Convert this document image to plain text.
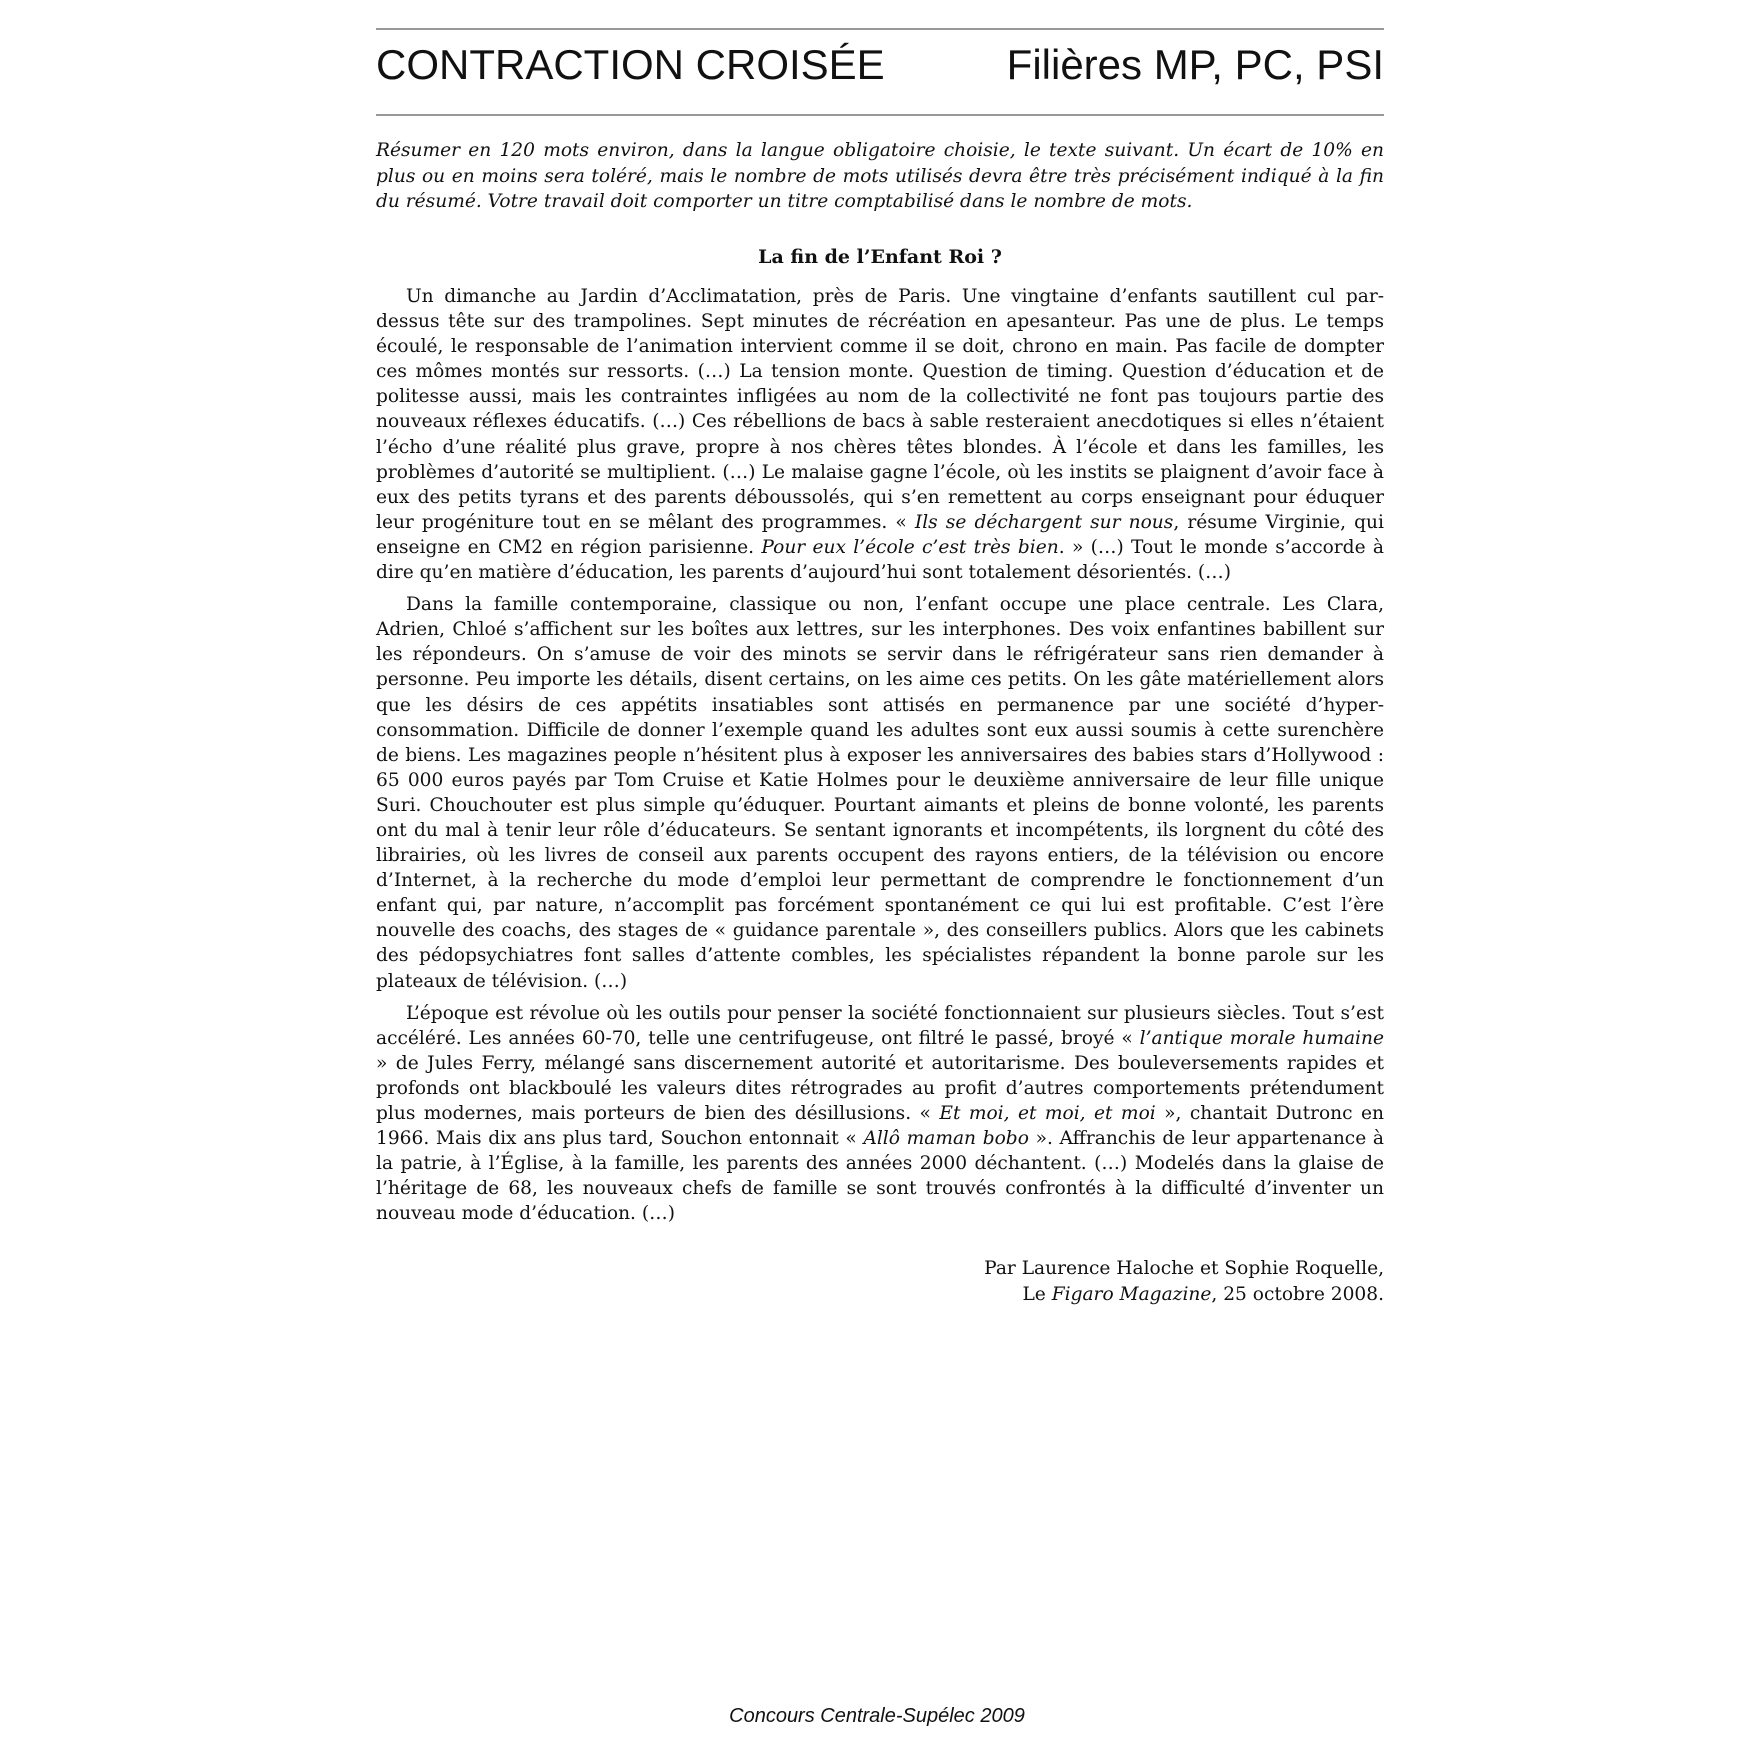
CONTRACTION CROISÉE	Filières MP, PC, PSI

Résumer en 120 mots environ, dans la langue obligatoire choisie, le texte suivant. Un écart de 10% en plus ou en moins sera toléré, mais le nombre de mots utilisés devra être très précisément indiqué à la fin du résumé. Votre travail doit comporter un titre comptabilisé dans le nombre de mots.

La fin de l’Enfant Roi ?

Un dimanche au Jardin d’Acclimatation, près de Paris. Une vingtaine d’enfants sautillent cul par-dessus tête sur des trampolines. Sept minutes de récréation en apesanteur. Pas une de plus. Le temps écoulé, le responsable de l’animation intervient comme il se doit, chrono en main. Pas facile de dompter ces mômes montés sur ressorts. (…) La tension monte. Question de timing. Question d’éducation et de politesse aussi, mais les contraintes infligées au nom de la collectivité ne font pas toujours partie des nouveaux réflexes éducatifs. (…) Ces rébellions de bacs à sable resteraient anecdotiques si elles n’étaient l’écho d’une réalité plus grave, propre à nos chères têtes blondes. À l’école et dans les familles, les problèmes d’autorité se multiplient. (…) Le malaise gagne l’école, où les instits se plaignent d’avoir face à eux des petits tyrans et des parents déboussolés, qui s’en remettent au corps enseignant pour éduquer leur progéniture tout en se mêlant des programmes. « Ils se déchargent sur nous, résume Virginie, qui enseigne en CM2 en région parisienne. Pour eux l’école c’est très bien. » (…) Tout le monde s’accorde à dire qu’en matière d’éducation, les parents d’aujourd’hui sont totalement désorientés. (…)

Dans la famille contemporaine, classique ou non, l’enfant occupe une place centrale. Les Clara, Adrien, Chloé s’affichent sur les boîtes aux lettres, sur les interphones. Des voix enfantines babillent sur les répondeurs. On s’amuse de voir des minots se servir dans le réfrigérateur sans rien demander à personne. Peu importe les détails, disent certains, on les aime ces petits. On les gâte matériellement alors que les désirs de ces appétits insatiables sont attisés en permanence par une société d’hyper-consommation. Difficile de donner l’exemple quand les adultes sont eux aussi soumis à cette surenchère de biens. Les magazines people n’hésitent plus à exposer les anniversaires des babies stars d’Hollywood : 65 000 euros payés par Tom Cruise et Katie Holmes pour le deuxième anniversaire de leur fille unique Suri. Chouchouter est plus simple qu’éduquer. Pourtant aimants et pleins de bonne volonté, les parents ont du mal à tenir leur rôle d’éducateurs. Se sentant ignorants et incompétents, ils lorgnent du côté des librairies, où les livres de conseil aux parents occupent des rayons entiers, de la télévision ou encore d’Internet, à la recherche du mode d’emploi leur permettant de comprendre le fonctionnement d’un enfant qui, par nature, n’accomplit pas forcément spontanément ce qui lui est profitable. C’est l’ère nouvelle des coachs, des stages de « guidance parentale », des conseillers publics. Alors que les cabinets des pédopsychiatres font salles d’attente combles, les spécialistes répandent la bonne parole sur les plateaux de télévision. (…)

L’époque est révolue où les outils pour penser la société fonctionnaient sur plusieurs siècles. Tout s’est accéléré. Les années 60-70, telle une centrifugeuse, ont filtré le passé, broyé « l’antique morale humaine » de Jules Ferry, mélangé sans discernement autorité et autoritarisme. Des bouleversements rapides et profonds ont blackboulé les valeurs dites rétrogrades au profit d’autres comportements prétendument plus modernes, mais porteurs de bien des désillusions. « Et moi, et moi, et moi », chantait Dutronc en 1966. Mais dix ans plus tard, Souchon entonnait « Allô maman bobo ». Affranchis de leur appartenance à la patrie, à l’Église, à la famille, les parents des années 2000 déchantent. (…) Modelés dans la glaise de l’héritage de 68, les nouveaux chefs de famille se sont trouvés confrontés à la difficulté d’inventer un nouveau mode d’éducation. (…)

Par Laurence Haloche et Sophie Roquelle,
Le Figaro Magazine, 25 octobre 2008.
Concours Centrale-Supélec 2009
